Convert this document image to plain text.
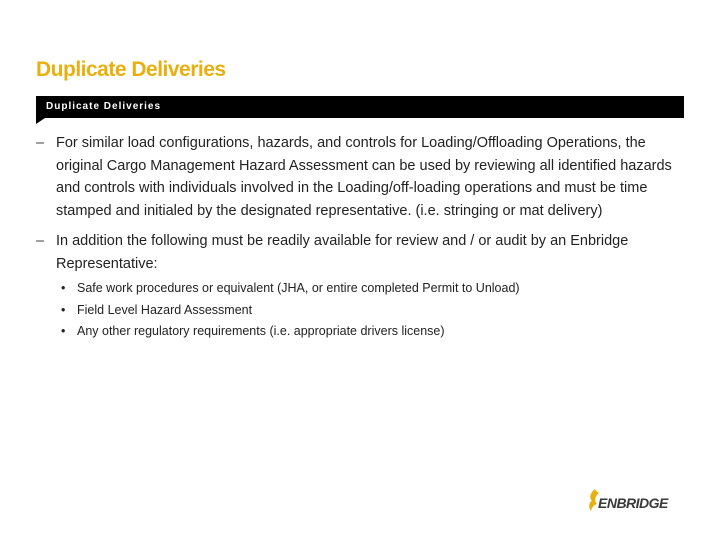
Duplicate Deliveries
Duplicate Deliveries
– For similar load configurations, hazards, and controls for Loading/Offloading Operations, the original Cargo Management Hazard Assessment can be used by reviewing all identified hazards and controls with individuals involved in the Loading/off-loading operations and must be time stamped and initialed by the designated representative. (i.e. stringing or mat delivery)
– In addition the following must be readily available for review and / or audit by an Enbridge Representative:
• Safe work procedures or equivalent (JHA, or entire completed Permit to Unload)
• Field Level Hazard Assessment
• Any other regulatory requirements (i.e. appropriate drivers license)
ENBRIDGE
